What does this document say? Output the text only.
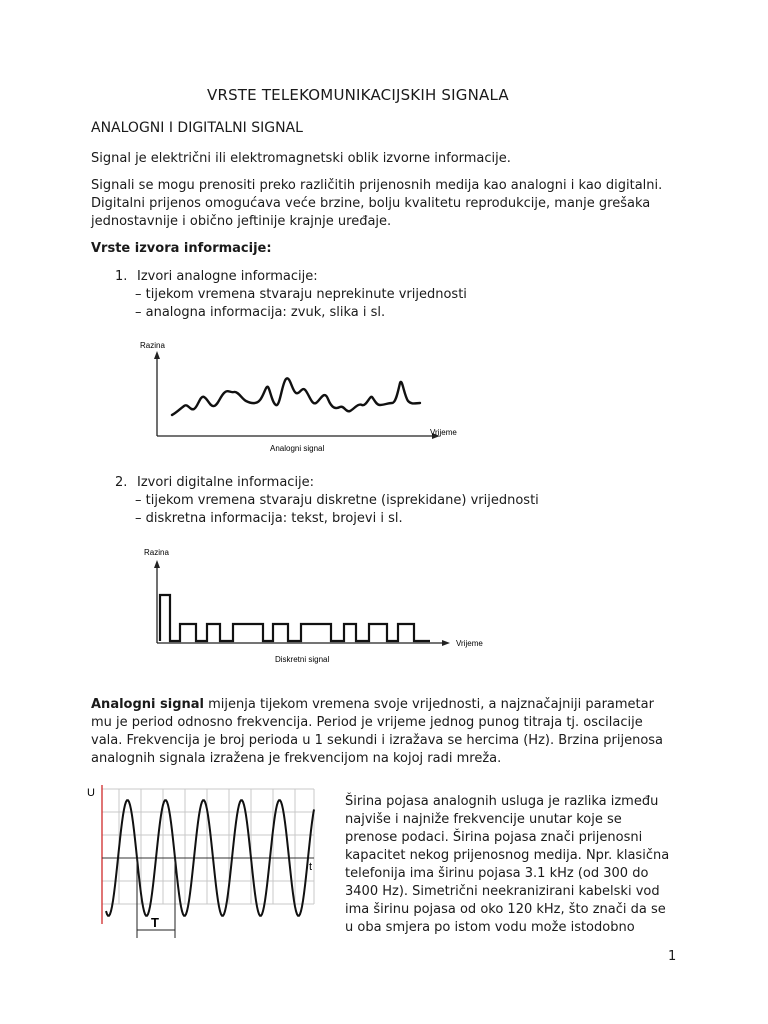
VRSTE TELEKOMUNIKACIJSKIH SIGNALA
ANALOGNI I DIGITALNI SIGNAL
Signal je električni ili elektromagnetski oblik izvorne informacije.
Signali se mogu prenositi preko različitih prijenosnih medija kao analogni i kao digitalni.
Digitalni prijenos omogućava veće brzine, bolju kvalitetu reprodukcije, manje grešaka
jednostavnije i obično jeftinije krajnje uređaje.
Vrste izvora informacije:
1. Izvori analogne informacije:
– tijekom vremena stvaraju neprekinute vrijednosti
– analogna informacija: zvuk, slika i sl.
Razina
Vrijeme
Analogni signal
2. Izvori digitalne informacije:
– tijekom vremena stvaraju diskretne (isprekidane) vrijednosti
– diskretna informacija: tekst, brojevi i sl.
Razina
Vrijeme
Diskretni signal
Analogni signal mijenja tijekom vremena svoje vrijednosti, a najznačajniji parametar
mu je period odnosno frekvencija. Period je vrijeme jednog punog titraja tj. oscilacije
vala. Frekvencija je broj perioda u 1 sekundi i izražava se hercima (Hz). Brzina prijenosa
analognih signala izražena je frekvencijom na kojoj radi mreža.
U
t
T
Širina pojasa analognih usluga je razlika između
najviše i najniže frekvencije unutar koje se
prenose podaci. Širina pojasa znači prijenosni
kapacitet nekog prijenosnog medija. Npr. klasična
telefonija ima širinu pojasa 3.1 kHz (od 300 do
3400 Hz). Simetrični neekranizirani kabelski vod
ima širinu pojasa od oko 120 kHz, što znači da se
u oba smjera po istom vodu može istodobno
1
